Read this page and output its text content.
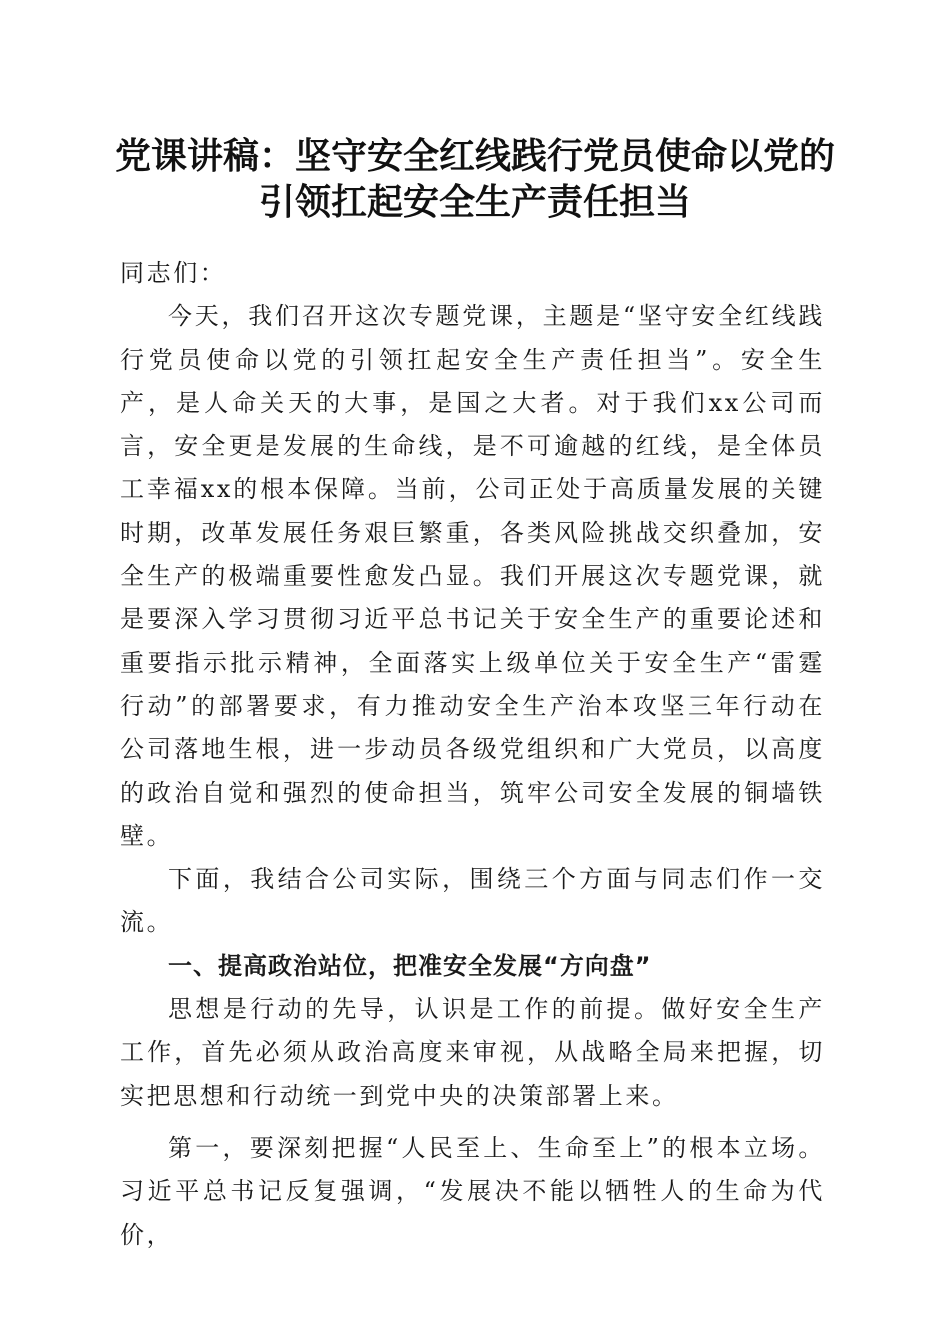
党课讲稿：坚守安全红线践行党员使命以党的
引领扛起安全生产责任担当

同志们：

今天，我们召开这次专题党课，主题是“坚守安全红线践行党员使命以党的引领扛起安全生产责任担当”。安全生产，是人命关天的大事，是国之大者。对于我们xx公司而言，安全更是发展的生命线，是不可逾越的红线，是全体员工幸福xx的根本保障。当前，公司正处于高质量发展的关键时期，改革发展任务艰巨繁重，各类风险挑战交织叠加，安全生产的极端重要性愈发凸显。我们开展这次专题党课，就是要深入学习贯彻习近平总书记关于安全生产的重要论述和重要指示批示精神，全面落实上级单位关于安全生产“雷霆行动”的部署要求，有力推动安全生产治本攻坚三年行动在公司落地生根，进一步动员各级党组织和广大党员，以高度的政治自觉和强烈的使命担当，筑牢公司安全发展的铜墙铁壁。

下面，我结合公司实际，围绕三个方面与同志们作一交流。

一、提高政治站位，把准安全发展“方向盘”

思想是行动的先导，认识是工作的前提。做好安全生产工作，首先必须从政治高度来审视，从战略全局来把握，切实把思想和行动统一到党中央的决策部署上来。

第一，要深刻把握“人民至上、生命至上”的根本立场。习近平总书记反复强调，“发展决不能以牺牲人的生命为代价，
